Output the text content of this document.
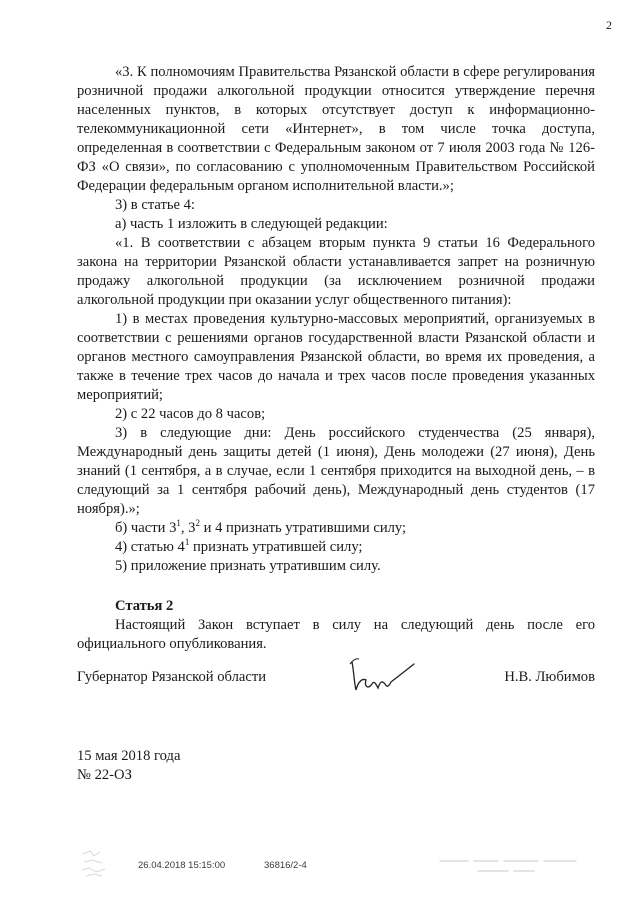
2

«3. К полномочиям Правительства Рязанской области в сфере регулирования розничной продажи алкогольной продукции относится утверждение перечня населенных пунктов, в которых отсутствует доступ к информационно-телекоммуникационной сети «Интернет», в том числе точка доступа, определенная в соответствии с Федеральным законом от 7 июля 2003 года № 126-ФЗ «О связи», по согласованию с уполномоченным Правительством Российской Федерации федеральным органом исполнительной власти.»;

3) в статье 4:

а) часть 1 изложить в следующей редакции:

«1. В соответствии с абзацем вторым пункта 9 статьи 16 Федерального закона на территории Рязанской области устанавливается запрет на розничную продажу алкогольной продукции (за исключением розничной продажи алкогольной продукции при оказании услуг общественного питания):

1) в местах проведения культурно-массовых мероприятий, организуемых в соответствии с решениями органов государственной власти Рязанской области и органов местного самоуправления Рязанской области, во время их проведения, а также в течение трех часов до начала и трех часов после проведения указанных мероприятий;

2) с 22 часов до 8 часов;

3) в следующие дни: День российского студенчества (25 января), Международный день защиты детей (1 июня), День молодежи (27 июня), День знаний (1 сентября, а в случае, если 1 сентября приходится на выходной день, – в следующий за 1 сентября рабочий день), Международный день студентов (17 ноября).»;

б) части $3^1$, $3^2$ и 4 признать утратившими силу;

4) статью $4^1$ признать утратившей силу;

5) приложение признать утратившим силу.

Статья 2

Настоящий Закон вступает в силу на следующий день после его официального опубликования.

Губернатор Рязанской области	Н.В. Любимов
15 мая 2018 года
№ 22-ОЗ
26.04.2018 15:15:00	36816/2-4
